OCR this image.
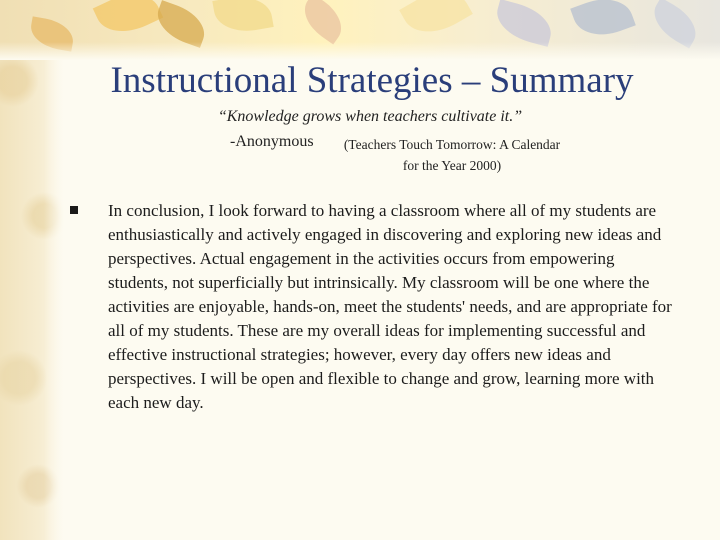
Instructional Strategies – Summary
“Knowledge grows when teachers cultivate it.”
-Anonymous (Teachers Touch Tomorrow: A Calendar for the Year 2000)

In conclusion, I look forward to having a classroom where all of my students are enthusiastically and actively engaged in discovering and exploring new ideas and perspectives. Actual engagement in the activities occurs from empowering students, not superficially but intrinsically. My classroom will be one where the activities are enjoyable, hands-on, meet the students' needs, and are appropriate for all of my students. These are my overall ideas for implementing successful and effective instructional strategies; however, every day offers new ideas and perspectives. I will be open and flexible to change and grow, learning more with each new day.
